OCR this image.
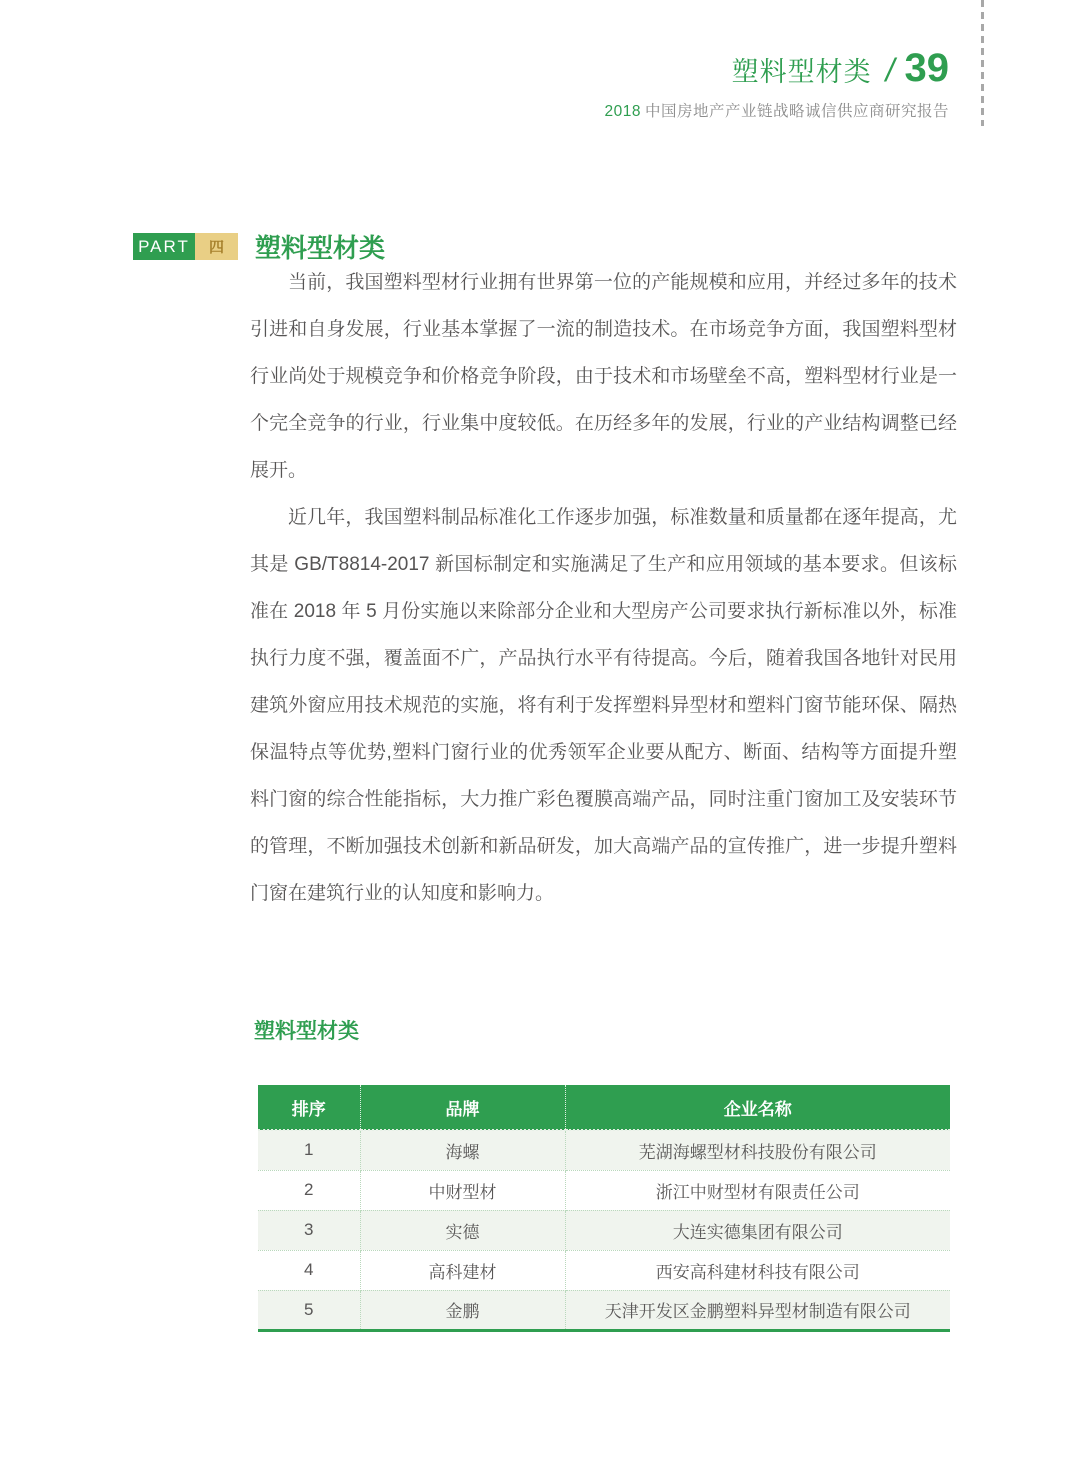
塑料型材类 / 39
2018 中国房地产产业链战略诚信供应商研究报告
PART	四	塑料型材类

当前，我国塑料型材行业拥有世界第一位的产能规模和应用，并经过多年的技术引进和自身发展，行业基本掌握了一流的制造技术。在市场竞争方面，我国塑料型材行业尚处于规模竞争和价格竞争阶段，由于技术和市场壁垒不高，塑料型材行业是一个完全竞争的行业，行业集中度较低。在历经多年的发展，行业的产业结构调整已经展开。

近几年，我国塑料制品标准化工作逐步加强，标准数量和质量都在逐年提高，尤其是 GB/T8814-2017 新国标制定和实施满足了生产和应用领域的基本要求。但该标准在 2018 年 5 月份实施以来除部分企业和大型房产公司要求执行新标准以外，标准执行力度不强，覆盖面不广，产品执行水平有待提高。今后，随着我国各地针对民用建筑外窗应用技术规范的实施，将有利于发挥塑料异型材和塑料门窗节能环保、隔热保温特点等优势,塑料门窗行业的优秀领军企业要从配方、断面、结构等方面提升塑料门窗的综合性能指标，大力推广彩色覆膜高端产品，同时注重门窗加工及安装环节的管理，不断加强技术创新和新品研发，加大高端产品的宣传推广，进一步提升塑料门窗在建筑行业的认知度和影响力。

塑料型材类
排序	品牌	企业名称
1	海螺	芜湖海螺型材科技股份有限公司
2	中财型材	浙江中财型材有限责任公司
3	实德	大连实德集团有限公司
4	高科建材	西安高科建材科技有限公司
5	金鹏	天津开发区金鹏塑料异型材制造有限公司
